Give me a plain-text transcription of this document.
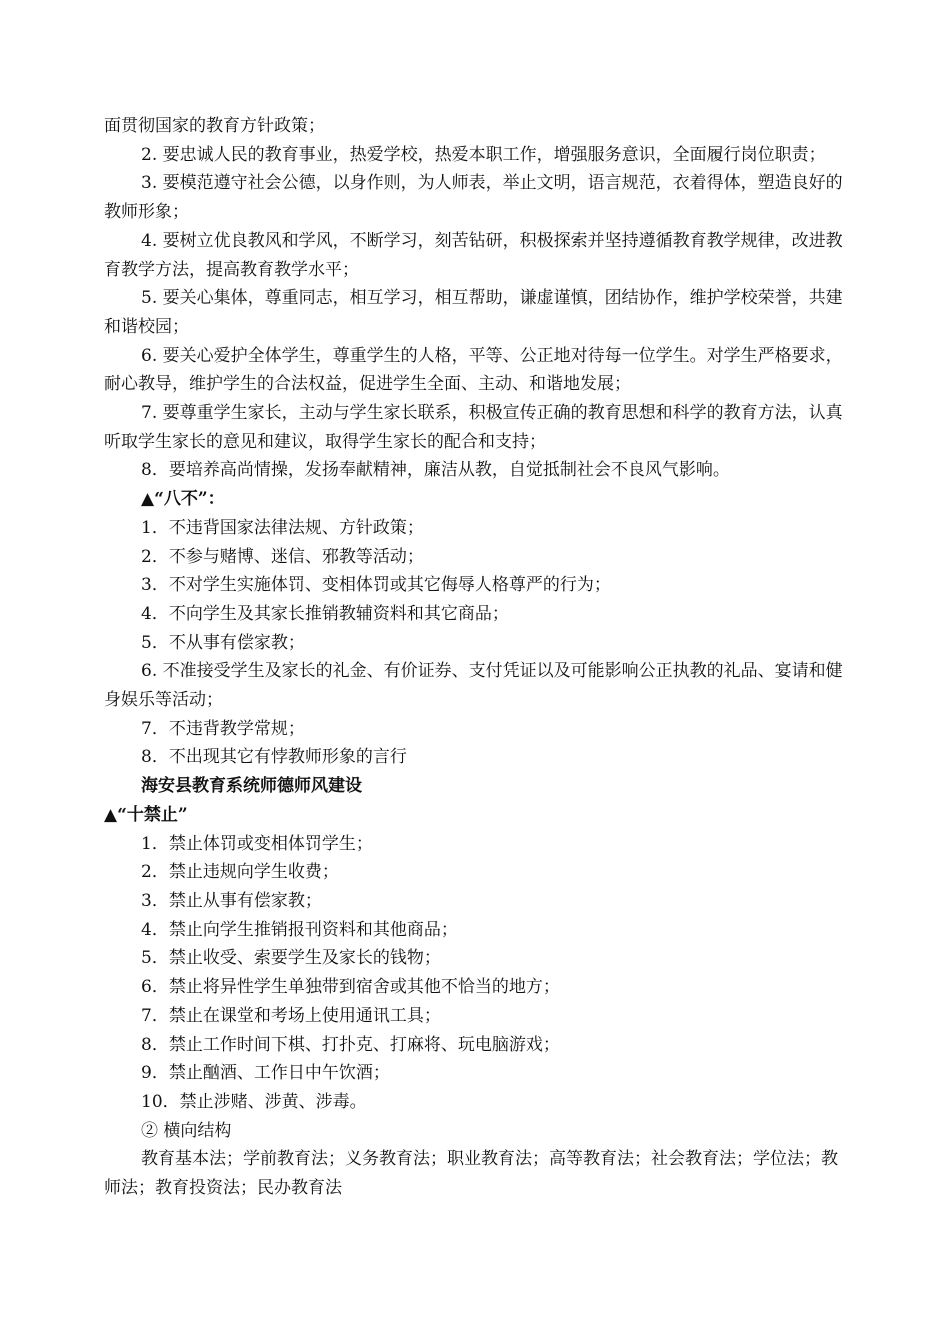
面贯彻国家的教育方针政策；

2. 要忠诚人民的教育事业，热爱学校，热爱本职工作，增强服务意识，全面履行岗位职责；

3. 要模范遵守社会公德，以身作则，为人师表，举止文明，语言规范，衣着得体，塑造良好的教师形象；

4. 要树立优良教风和学风，不断学习，刻苦钻研，积极探索并坚持遵循教育教学规律，改进教育教学方法，提高教育教学水平；

5. 要关心集体，尊重同志，相互学习，相互帮助，谦虚谨慎，团结协作，维护学校荣誉，共建和谐校园；

6. 要关心爱护全体学生，尊重学生的人格，平等、公正地对待每一位学生。对学生严格要求，耐心教导，维护学生的合法权益，促进学生全面、主动、和谐地发展；

7. 要尊重学生家长，主动与学生家长联系，积极宣传正确的教育思想和科学的教育方法，认真听取学生家长的意见和建议，取得学生家长的配合和支持；

8．要培养高尚情操，发扬奉献精神，廉洁从教，自觉抵制社会不良风气影响。

▲“八不”：

1．不违背国家法律法规、方针政策；

2．不参与赌博、迷信、邪教等活动；

3．不对学生实施体罚、变相体罚或其它侮辱人格尊严的行为；

4．不向学生及其家长推销教辅资料和其它商品；

5．不从事有偿家教；

6. 不准接受学生及家长的礼金、有价证券、支付凭证以及可能影响公正执教的礼品、宴请和健身娱乐等活动；

7．不违背教学常规；

8．不出现其它有悖教师形象的言行

海安县教育系统师德师风建设

▲“十禁止”

1．禁止体罚或变相体罚学生；

2．禁止违规向学生收费；

3．禁止从事有偿家教；

4．禁止向学生推销报刊资料和其他商品；

5．禁止收受、索要学生及家长的钱物；

6．禁止将异性学生单独带到宿舍或其他不恰当的地方；

7．禁止在课堂和考场上使用通讯工具；

8．禁止工作时间下棋、打扑克、打麻将、玩电脑游戏；

9．禁止酗酒、工作日中午饮酒；

10．禁止涉赌、涉黄、涉毒。

② 横向结构

教育基本法；学前教育法；义务教育法；职业教育法；高等教育法；社会教育法；学位法；教师法；教育投资法；民办教育法
